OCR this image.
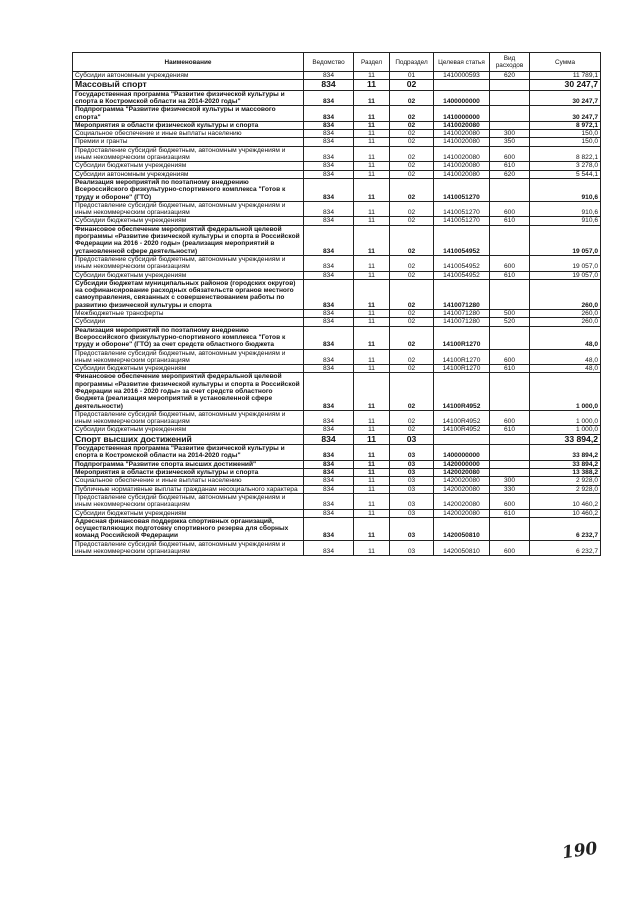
Наименование	Ведомство	Раздел	Подраздел	Целевая статья	Вид расходов	Сумма
Субсидии автономным учреждениям	834	11	01	1410000593	620	11 789,1
Массовый спорт	834	11	02			30 247,7
Государственная программа "Развитие физической культуры и спорта в Костромской области на 2014-2020 годы"	834	11	02	1400000000		30 247,7
Подпрограмма "Развитие физической культуры и массового спорта"	834	11	02	1410000000		30 247,7
Мероприятия в области физической культуры и спорта	834	11	02	1410020080		8 972,1
Социальное обеспечение и иные выплаты населению	834	11	02	1410020080	300	150,0
Премии и гранты	834	11	02	1410020080	350	150,0
Предоставление субсидий бюджетным, автономным учреждениям и иным некоммерческим организациям	834	11	02	1410020080	600	8 822,1
Субсидии бюджетным учреждениям	834	11	02	1410020080	610	3 278,0
Субсидии автономным учреждениям	834	11	02	1410020080	620	5 544,1
Реализация мероприятий по поэтапному внедрению Всероссийского физкультурно-спортивного комплекса "Готов к труду и обороне" (ГТО)	834	11	02	1410051270		910,6
Предоставление субсидий бюджетным, автономным учреждениям и иным некоммерческим организациям	834	11	02	1410051270	600	910,6
Субсидии бюджетным учреждениям	834	11	02	1410051270	610	910,6
Финансовое обеспечение мероприятий федеральной целевой программы «Развитие физической культуры и спорта в Российской Федерации на 2016 - 2020 годы» (реализация мероприятий в установленной сфере деятельности)	834	11	02	1410054952		19 057,0
Предоставление субсидий бюджетным, автономным учреждениям и иным некоммерческим организациям	834	11	02	1410054952	600	19 057,0
Субсидии бюджетным учреждениям	834	11	02	1410054952	610	19 057,0
Субсидии бюджетам муниципальных районов (городских округов) на софинансирование расходных обязательств органов местного самоуправления, связанных с совершенствованием работы по развитию физической культуры и спорта	834	11	02	1410071280		260,0
Межбюджетные трансферты	834	11	02	1410071280	500	260,0
Субсидии	834	11	02	1410071280	520	260,0
Реализация мероприятий по поэтапному внедрению Всероссийского физкультурно-спортивного комплекса "Готов к труду и обороне" (ГТО) за счет средств областного бюджета	834	11	02	14100R1270		48,0
Предоставление субсидий бюджетным, автономным учреждениям и иным некоммерческим организациям	834	11	02	14100R1270	600	48,0
Субсидии бюджетным учреждениям	834	11	02	14100R1270	610	48,0
Финансовое обеспечение мероприятий федеральной целевой программы «Развитие физической культуры и спорта в Российской Федерации на 2016 - 2020 годы» за счет средств областного бюджета (реализация мероприятий в установленной сфере деятельности)	834	11	02	14100R4952		1 000,0
Предоставление субсидий бюджетным, автономным учреждениям и иным некоммерческим организациям	834	11	02	14100R4952	600	1 000,0
Субсидии бюджетным учреждениям	834	11	02	14100R4952	610	1 000,0
Спорт высших достижений	834	11	03			33 894,2
Государственная программа "Развитие физической культуры и спорта в Костромской области на 2014-2020 годы"	834	11	03	1400000000		33 894,2
Подпрограмма "Развитие спорта высших достижений"	834	11	03	1420000000		33 894,2
Мероприятия в области физической культуры и спорта	834	11	03	1420020080		13 388,2
Социальное обеспечение и иные выплаты населению	834	11	03	1420020080	300	2 928,0
Публичные нормативные выплаты гражданам несоциального характера	834	11	03	1420020080	330	2 928,0
Предоставление субсидий бюджетным, автономным учреждениям и иным некоммерческим организациям	834	11	03	1420020080	600	10 460,2
Субсидии бюджетным учреждениям	834	11	03	1420020080	610	10 460,2
Адресная финансовая поддержка спортивных организаций, осуществляющих подготовку спортивного резерва для сборных команд Российской Федерации	834	11	03	1420050810		6 232,7
Предоставление субсидий бюджетным, автономным учреждениям и иным некоммерческим организациям	834	11	03	1420050810	600	6 232,7
190
